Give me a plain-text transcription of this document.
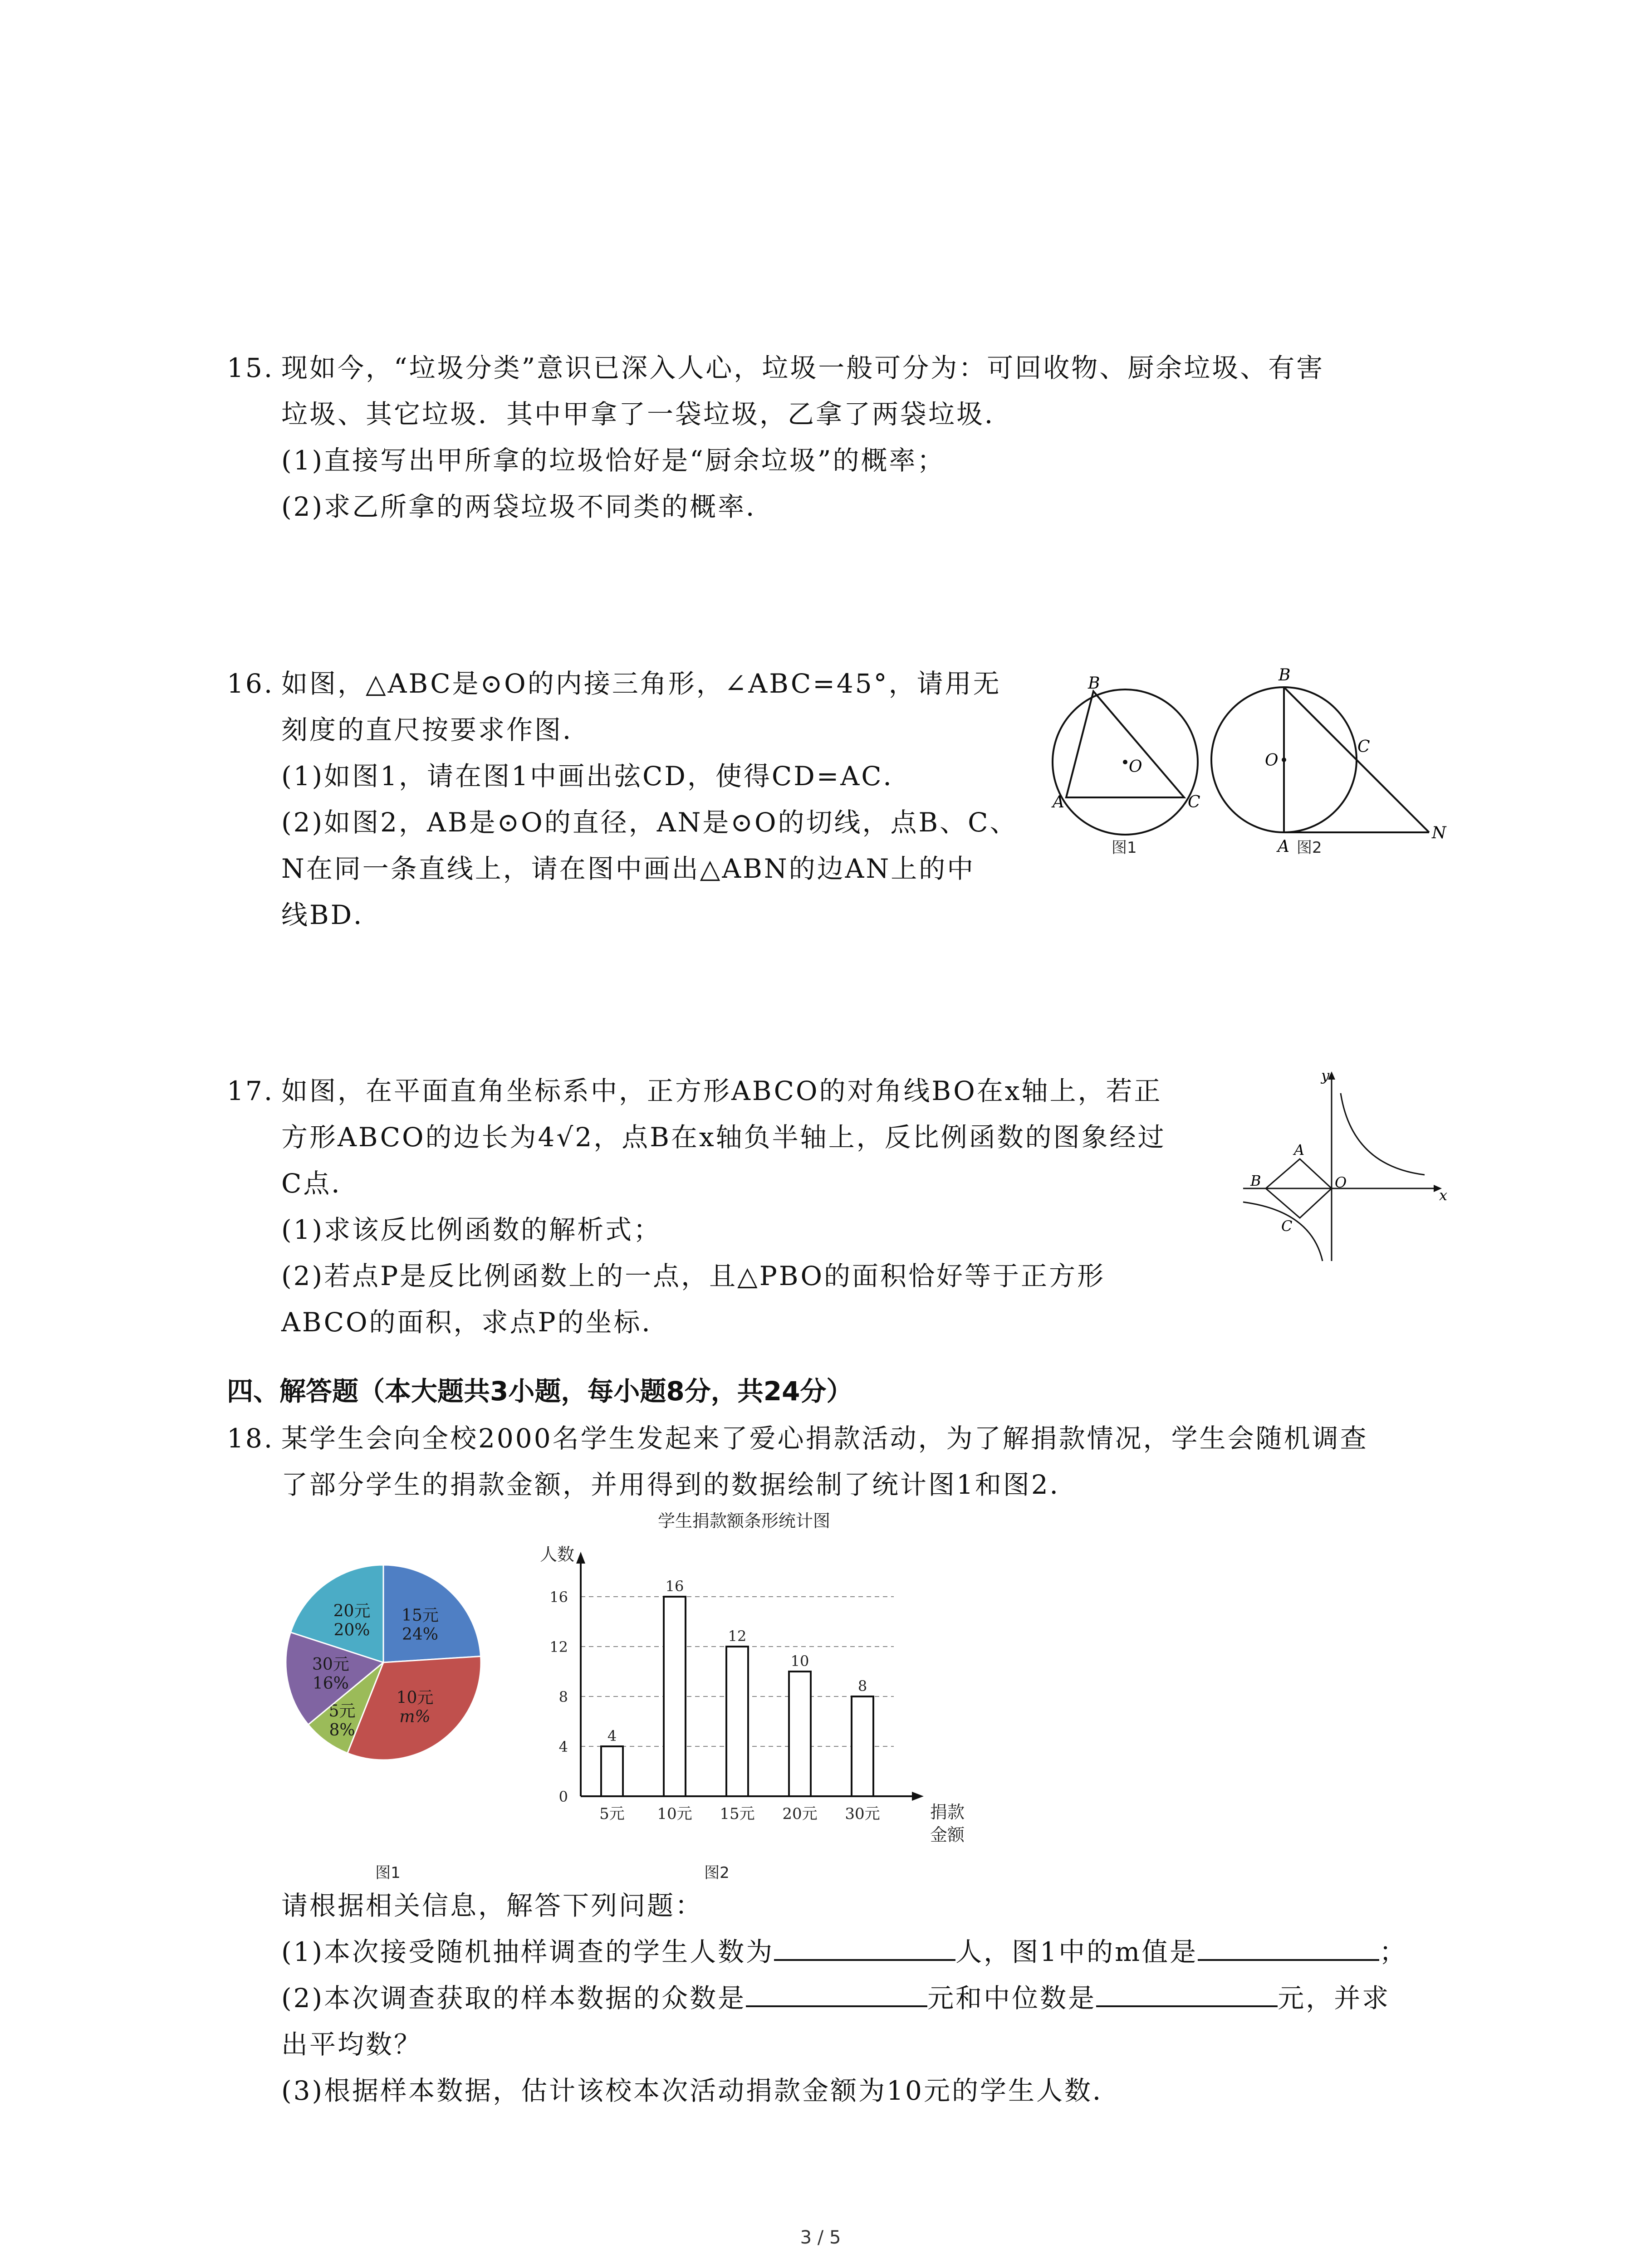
15. 现如今，“垃圾分类”意识已深入人心，垃圾一般可分为：可回收物、厨余垃圾、有害
垃圾、其它垃圾．其中甲拿了一袋垃圾，乙拿了两袋垃圾．
(1)直接写出甲所拿的垃圾恰好是“厨余垃圾”的概率；
(2)求乙所拿的两袋垃圾不同类的概率．
16. 如图，△ABC是⊙O的内接三角形，∠ABC=45°，请用无
刻度的直尺按要求作图．
(1)如图1，请在图1中画出弦CD，使得CD=AC．
(2)如图2，AB是⊙O的直径，AN是⊙O的切线，点B、C、
N在同一条直线上，请在图中画出△ABN的边AN上的中
线BD．
B
A	C
O
图1
B
C
O
A
N
图2
17. 如图，在平面直角坐标系中，正方形ABCO的对角线BO在x轴上，若正
方形ABCO的边长为4√2，点B在x轴负半轴上，反比例函数的图象经过
C点．
(1)求该反比例函数的解析式；
(2)若点P是反比例函数上的一点，且△PBO的面积恰好等于正方形
ABCO的面积，求点P的坐标．
y
x
A
B
C
O
四、解答题（本大题共3小题，每小题8分，共24分）
18. 某学生会向全校2000名学生发起来了爱心捐款活动，为了解捐款情况，学生会随机调查
了部分学生的捐款金额，并用得到的数据绘制了统计图1和图2．
15元
24%
10元
m%
5元
8%
30元
16%
20元
20%
图1
学生捐款额条形统计图
人数
0
4
8
12
16
4
5元
16
10元
12
15元
10
20元
8
30元	捐款金额
图2
请根据相关信息，解答下列问题：
(1)本次接受随机抽样调查的学生人数为	人，图1中的m值是	；
(2)本次调查获取的样本数据的众数是	元和中位数是	元，并求
出平均数？
(3)根据样本数据，估计该校本次活动捐款金额为10元的学生人数．
3 / 5
